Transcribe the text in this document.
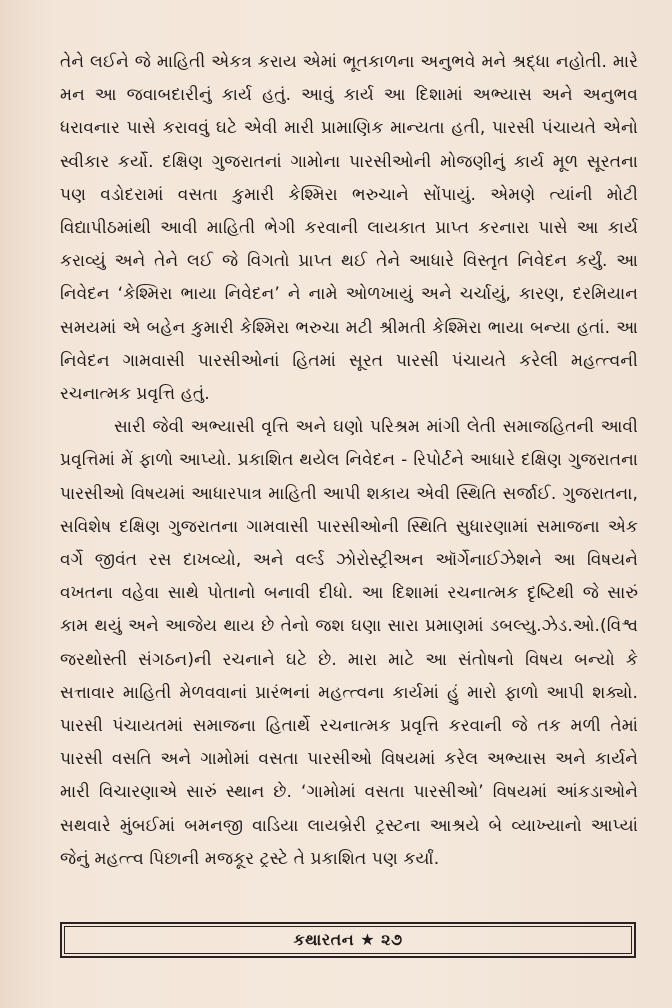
તેને લઈને જે માહિતી એકત્ર કરાય એમાં ભૂતકાળના અનુભવે મને શ્રદ્ધા નહોતી. મારે મન આ જવાબદારીનું કાર્ય હતું. આવું કાર્ય આ દિશામાં અભ્યાસ અને અનુભવ ધરાવનાર પાસે કરાવવું ઘટે એવી મારી પ્રામાણિક માન્યતા હતી, પારસી પંચાયતે એનો સ્વીકાર કર્યો. દક્ષિણ ગુજરાતનાં ગામોના પારસીઓની મોજણીનું કાર્ય મૂળ સૂરતના પણ વડોદરામાં વસતા કુમારી કેશ્મિરા ભરુચાને સોંપાયું. એમણે ત્યાંની મોટી વિદ્યાપીઠમાંથી આવી માહિતી ભેગી કરવાની લાયકાત પ્રાપ્ત કરનારા પાસે આ કાર્ય કરાવ્યું અને તેને લઈ જે વિગતો પ્રાપ્ત થઈ તેને આધારે વિસ્તૃત નિવેદન કર્યું. આ નિવેદન ‘કેશ્મિરા ભાયા નિવેદન’ ને નામે ઓળખાયું અને ચર્ચાયું, કારણ, દરમિયાન સમયમાં એ બહેન કુમારી કેશ્મિરા ભરુચા મટી શ્રીમતી કેશ્મિરા ભાયા બન્યા હતાં. આ નિવેદન ગામવાસી પારસીઓનાં હિતમાં સૂરત પારસી પંચાયતે કરેલી મહત્ત્વની રચનાત્મક પ્રવૃત્તિ હતું.

સારી જેવી અભ્યાસી વૃત્તિ અને ઘણો પરિશ્રમ માંગી લેતી સમાજહિતની આવી પ્રવૃત્તિમાં મેં ફાળો આપ્યો. પ્રકાશિત થયેલ નિવેદન - રિપોર્ટને આધારે દક્ષિણ ગુજરાતના પારસીઓ વિષયમાં આધારપાત્ર માહિતી આપી શકાય એવી સ્થિતિ સર્જાઈ. ગુજરાતના, સવિશેષ દક્ષિણ ગુજરાતના ગામવાસી પારસીઓની સ્થિતિ સુધારણામાં સમાજના એક વર્ગે જીવંત રસ દાખવ્યો, અને વર્લ્ડ ઝોરોસ્ટ્રીઅન ઑર્ગેનાઈઝેશને આ વિષયને વખતના વહેવા સાથે પોતાનો બનાવી દીધો. આ દિશામાં રચનાત્મક દૃષ્ટિથી જે સારું કામ થયું અને આજેય થાય છે તેનો જશ ઘણા સારા પ્રમાણમાં ડબલ્યુ.ઝેડ.ઓ.(વિશ્વ જરથોસ્તી સંગઠન)ની રચનાને ઘટે છે. મારા માટે આ સંતોષનો વિષય બન્યો કે સત્તાવાર માહિતી મેળવવાનાં પ્રારંભનાં મહત્ત્વના કાર્યમાં હું મારો ફાળો આપી શક્યો. પારસી પંચાયતમાં સમાજના હિતાર્થે રચનાત્મક પ્રવૃત્તિ કરવાની જે તક મળી તેમાં પારસી વસતિ અને ગામોમાં વસતા પારસીઓ વિષયમાં કરેલ અભ્યાસ અને કાર્યને મારી વિચારણાએ સારું સ્થાન છે. ‘ગામોમાં વસતા પારસીઓ’ વિષયમાં આંકડાઓને સથવારે મુંબઈમાં બમનજી વાડિયા લાયબ્રેરી ટ્રસ્ટના આશ્રયે બે વ્યાખ્યાનો આપ્યાં જેનું મહત્ત્વ પિછાની મજકૂર ટ્રસ્ટે તે પ્રકાશિત પણ કર્યાં.

કથારતન ★ ૨૭
